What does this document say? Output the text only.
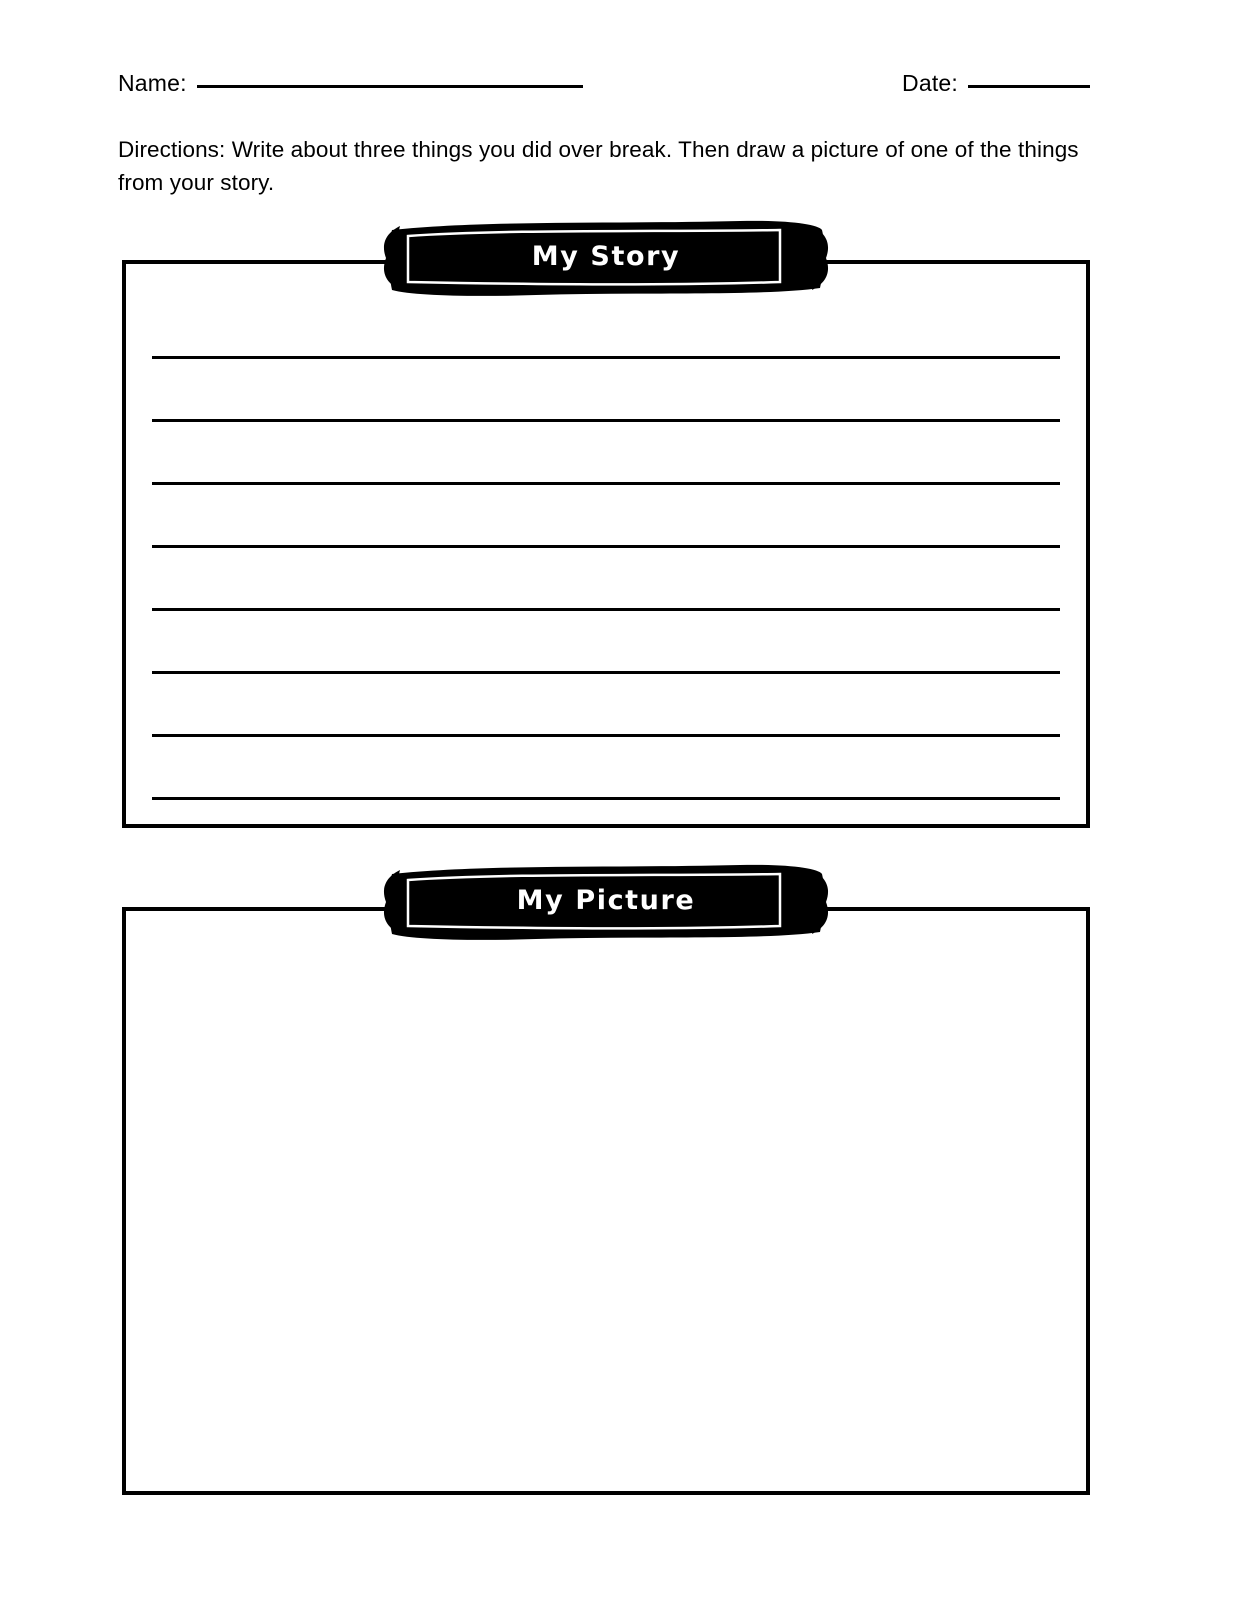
Name:	Date:
Directions: Write about three things you did over break. Then draw a picture of one of the things from your story.
My Story
My Picture
